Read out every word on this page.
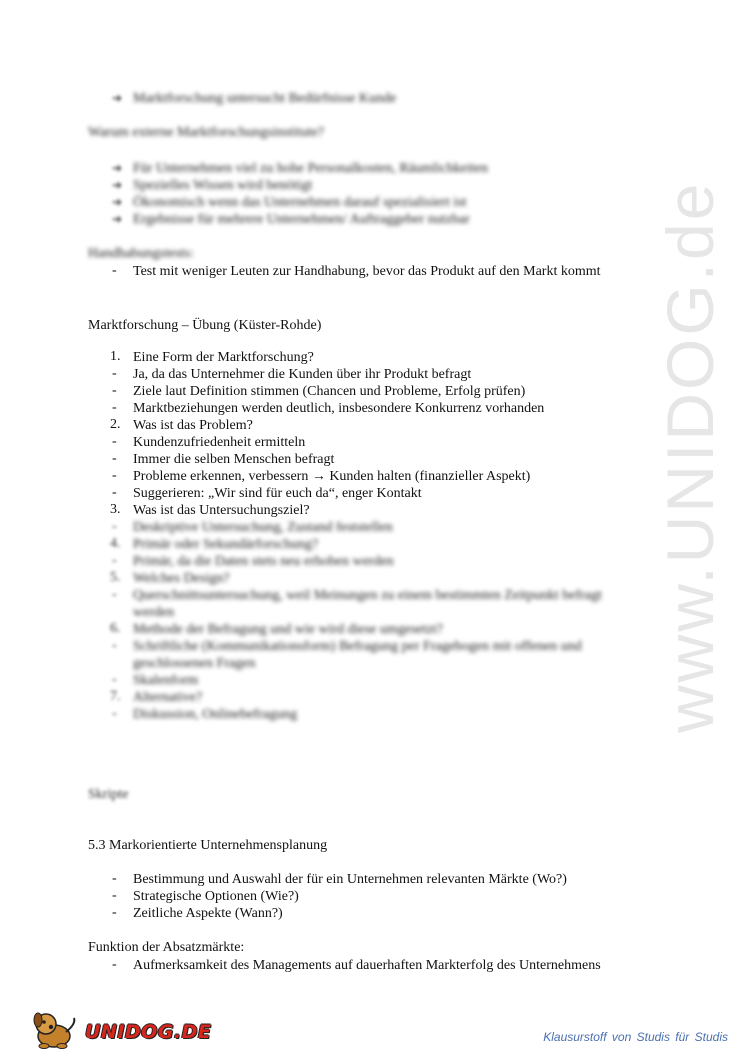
www.UNIDOG.de
➔ Marktforschung untersucht Bedürfnisse Kunde
Warum externe Marktforschungsinstitute?
➔ Für Unternehmen viel zu hohe Personalkosten, Räumlichkeiten
➔ Spezielles Wissen wird benötigt
➔ Ökonomisch wenn das Unternehmen darauf spezialisiert ist
➔ Ergebnisse für mehrere Unternehmen/ Auftraggeber nutzbar
Handhabungstests:
- Test mit weniger Leuten zur Handhabung, bevor das Produkt auf den Markt kommt
Marktforschung – Übung (Küster-Rohde)
1. Eine Form der Marktforschung?
- Ja, da das Unternehmer die Kunden über ihr Produkt befragt
- Ziele laut Definition stimmen (Chancen und Probleme, Erfolg prüfen)
- Marktbeziehungen werden deutlich, insbesondere Konkurrenz vorhanden
2. Was ist das Problem?
- Kundenzufriedenheit ermitteln
- Immer die selben Menschen befragt
- Probleme erkennen, verbessern → Kunden halten (finanzieller Aspekt)
- Suggerieren: „Wir sind für euch da“, enger Kontakt
3. Was ist das Untersuchungsziel?
- Deskriptive Untersuchung, Zustand feststellen
4. Primär oder Sekundärforschung?
- Primär, da die Daten stets neu erhoben werden
5. Welches Design?
- Querschnittsuntersuchung, weil Meinungen zu einem bestimmten Zeitpunkt befragt
werden
6. Methode der Befragung und wie wird diese umgesetzt?
- Schriftliche (Kommunikationsform) Befragung per Fragebogen mit offenen und
geschlossenen Fragen
- Skalenform
7. Alternative?
- Diskussion, Onlinebefragung
Skripte
5.3 Markorientierte Unternehmensplanung
- Bestimmung und Auswahl der für ein Unternehmen relevanten Märkte (Wo?)
- Strategische Optionen (Wie?)
- Zeitliche Aspekte (Wann?)
Funktion der Absatzmärkte:
- Aufmerksamkeit des Managements auf dauerhaften Markterfolg des Unternehmens
UNIDOG.DE	Klausurstoff von Studis für Studis
